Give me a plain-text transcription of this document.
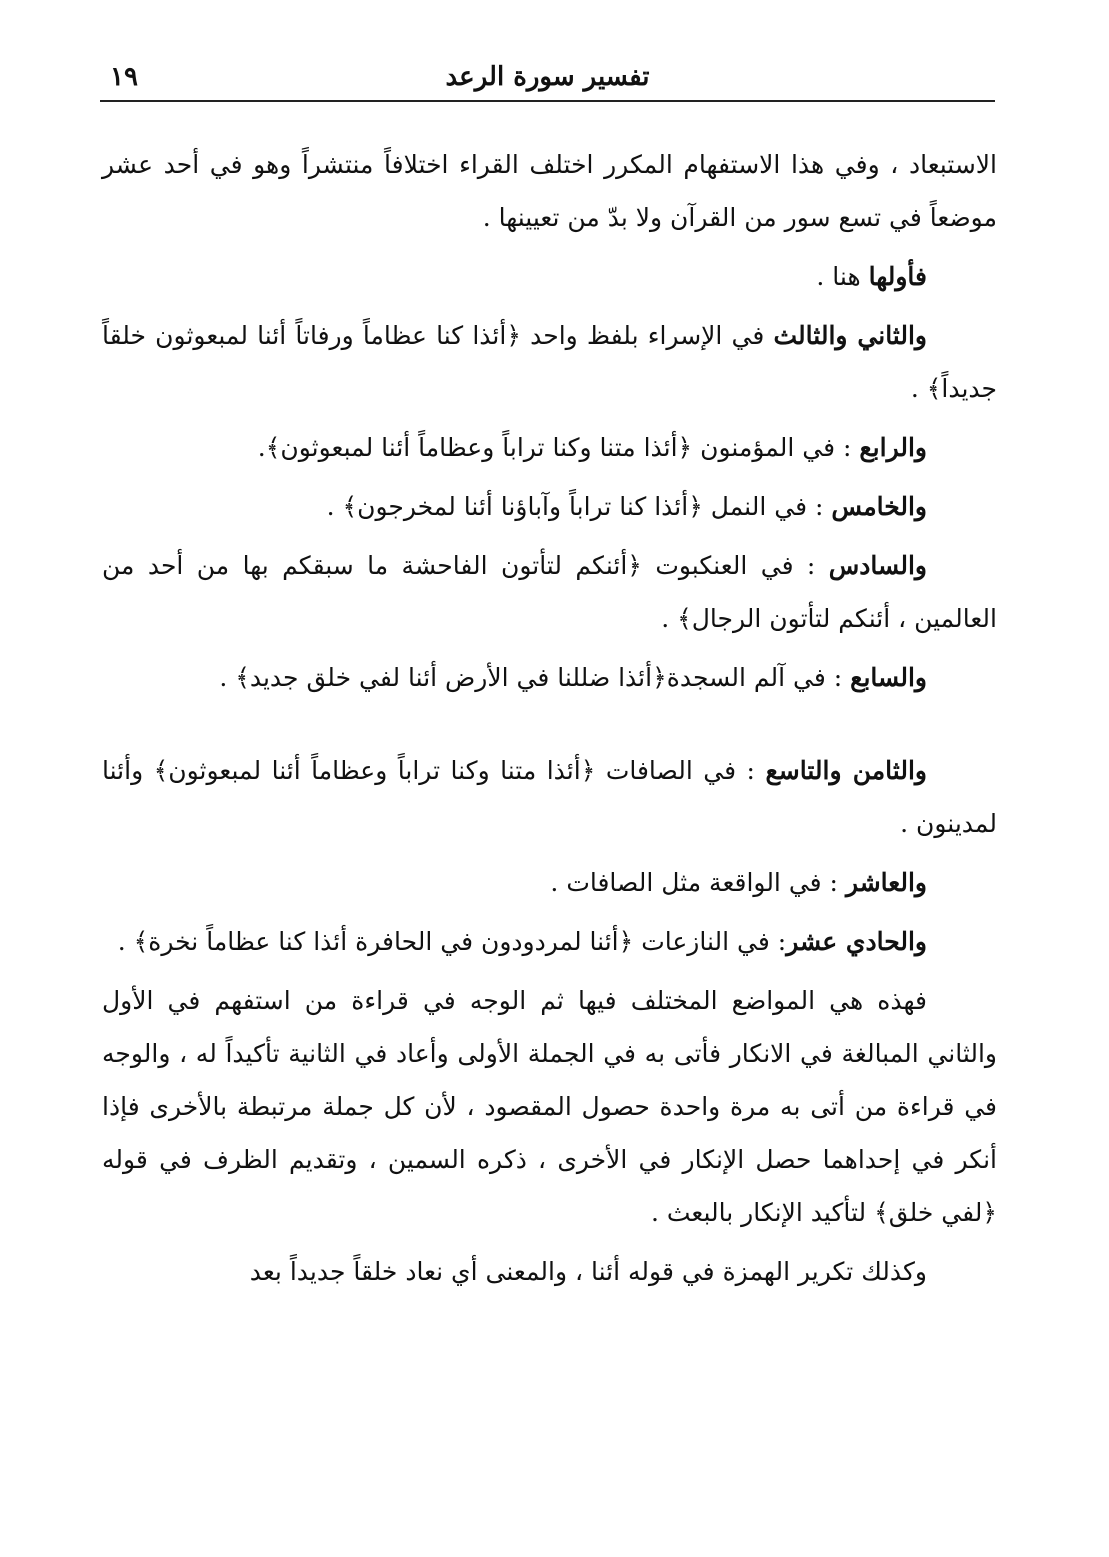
تفسير سورة الرعد
١٩

الاستبعاد ، وفي هذا الاستفهام المكرر اختلف القراء اختلافاً منتشراً وهو في أحد عشر موضعاً في تسع سور من القرآن ولا بدّ من تعيينها .

فأولها هنا .

والثاني والثالث في الإسراء بلفظ واحد ﴿أئذا كنا عظاماً ورفاتاً أئنا لمبعوثون خلقاً جديداً﴾ .

والرابع : في المؤمنون ﴿أئذا متنا وكنا تراباً وعظاماً أئنا لمبعوثون﴾.

والخامس : في النمل ﴿أئذا كنا تراباً وآباؤنا أئنا لمخرجون﴾ .

والسادس : في العنكبوت ﴿أئنكم لتأتون الفاحشة ما سبقكم بها من أحد من العالمين ، أئنكم لتأتون الرجال﴾ .

والسابع : في آلم السجدة﴿أئذا ضللنا في الأرض أئنا لفي خلق جديد﴾ .

والثامن والتاسع : في الصافات ﴿أئذا متنا وكنا تراباً وعظاماً أئنا لمبعوثون﴾ وأئنا لمدينون .

والعاشر : في الواقعة مثل الصافات .

والحادي عشر: في النازعات ﴿أئنا لمردودون في الحافرة أئذا كنا عظاماً نخرة﴾ .

فهذه هي المواضع المختلف فيها ثم الوجه في قراءة من استفهم في الأول والثاني المبالغة في الانكار فأتى به في الجملة الأولى وأعاد في الثانية تأكيداً له ، والوجه في قراءة من أتى به مرة واحدة حصول المقصود ، لأن كل جملة مرتبطة بالأخرى فإذا أنكر في إحداهما حصل الإنكار في الأخرى ، ذكره السمين ، وتقديم الظرف في قوله ﴿لفي خلق﴾ لتأكيد الإنكار بالبعث .

وكذلك تكرير الهمزة في قوله أئنا ، والمعنى أي نعاد خلقاً جديداً بعد
